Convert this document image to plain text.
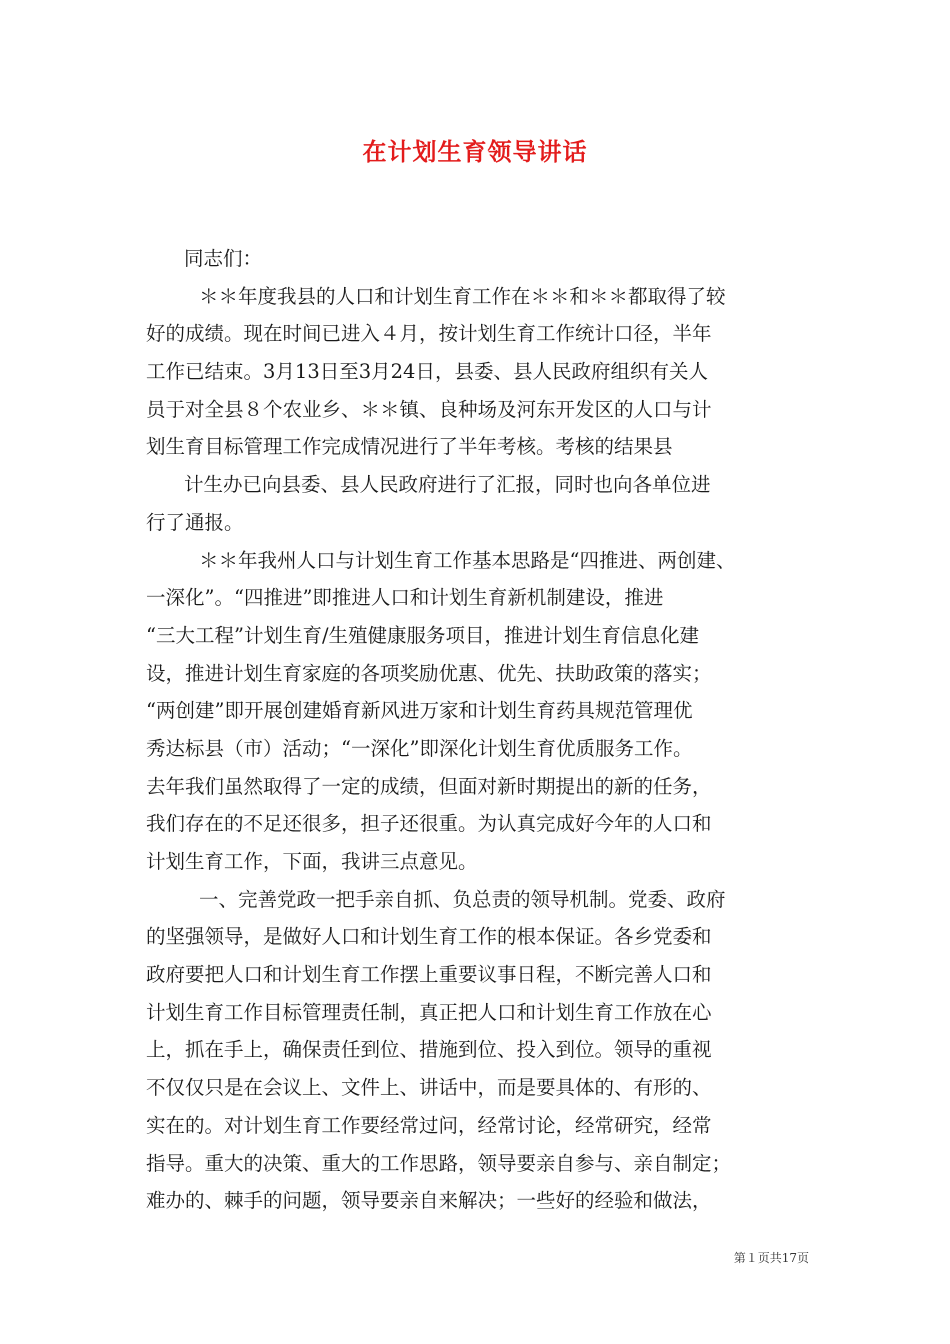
在计划生育领导讲话
同志们：
＊＊年度我县的人口和计划生育工作在＊＊和＊＊都取得了较
好的成绩。现在时间已进入４月，按计划生育工作统计口径，半年
工作已结束。3月13日至3月24日，县委、县人民政府组织有关人
员于对全县８个农业乡、＊＊镇、良种场及河东开发区的人口与计
划生育目标管理工作完成情况进行了半年考核。考核的结果县
计生办已向县委、县人民政府进行了汇报，同时也向各单位进
行了通报。
＊＊年我州人口与计划生育工作基本思路是“四推进、两创建、
一深化”。“四推进”即推进人口和计划生育新机制建设，推进
“三大工程”计划生育/生殖健康服务项目，推进计划生育信息化建
设，推进计划生育家庭的各项奖励优惠、优先、扶助政策的落实；
“两创建”即开展创建婚育新风进万家和计划生育药具规范管理优
秀达标县（市）活动；“一深化”即深化计划生育优质服务工作。
去年我们虽然取得了一定的成绩，但面对新时期提出的新的任务，
我们存在的不足还很多，担子还很重。为认真完成好今年的人口和
计划生育工作，下面，我讲三点意见。
一、完善党政一把手亲自抓、负总责的领导机制。党委、政府
的坚强领导，是做好人口和计划生育工作的根本保证。各乡党委和
政府要把人口和计划生育工作摆上重要议事日程，不断完善人口和
计划生育工作目标管理责任制，真正把人口和计划生育工作放在心
上，抓在手上，确保责任到位、措施到位、投入到位。领导的重视
不仅仅只是在会议上、文件上、讲话中，而是要具体的、有形的、
实在的。对计划生育工作要经常过问，经常讨论，经常研究，经常
指导。重大的决策、重大的工作思路，领导要亲自参与、亲自制定；
难办的、棘手的问题，领导要亲自来解决；一些好的经验和做法，
第１页共17页
